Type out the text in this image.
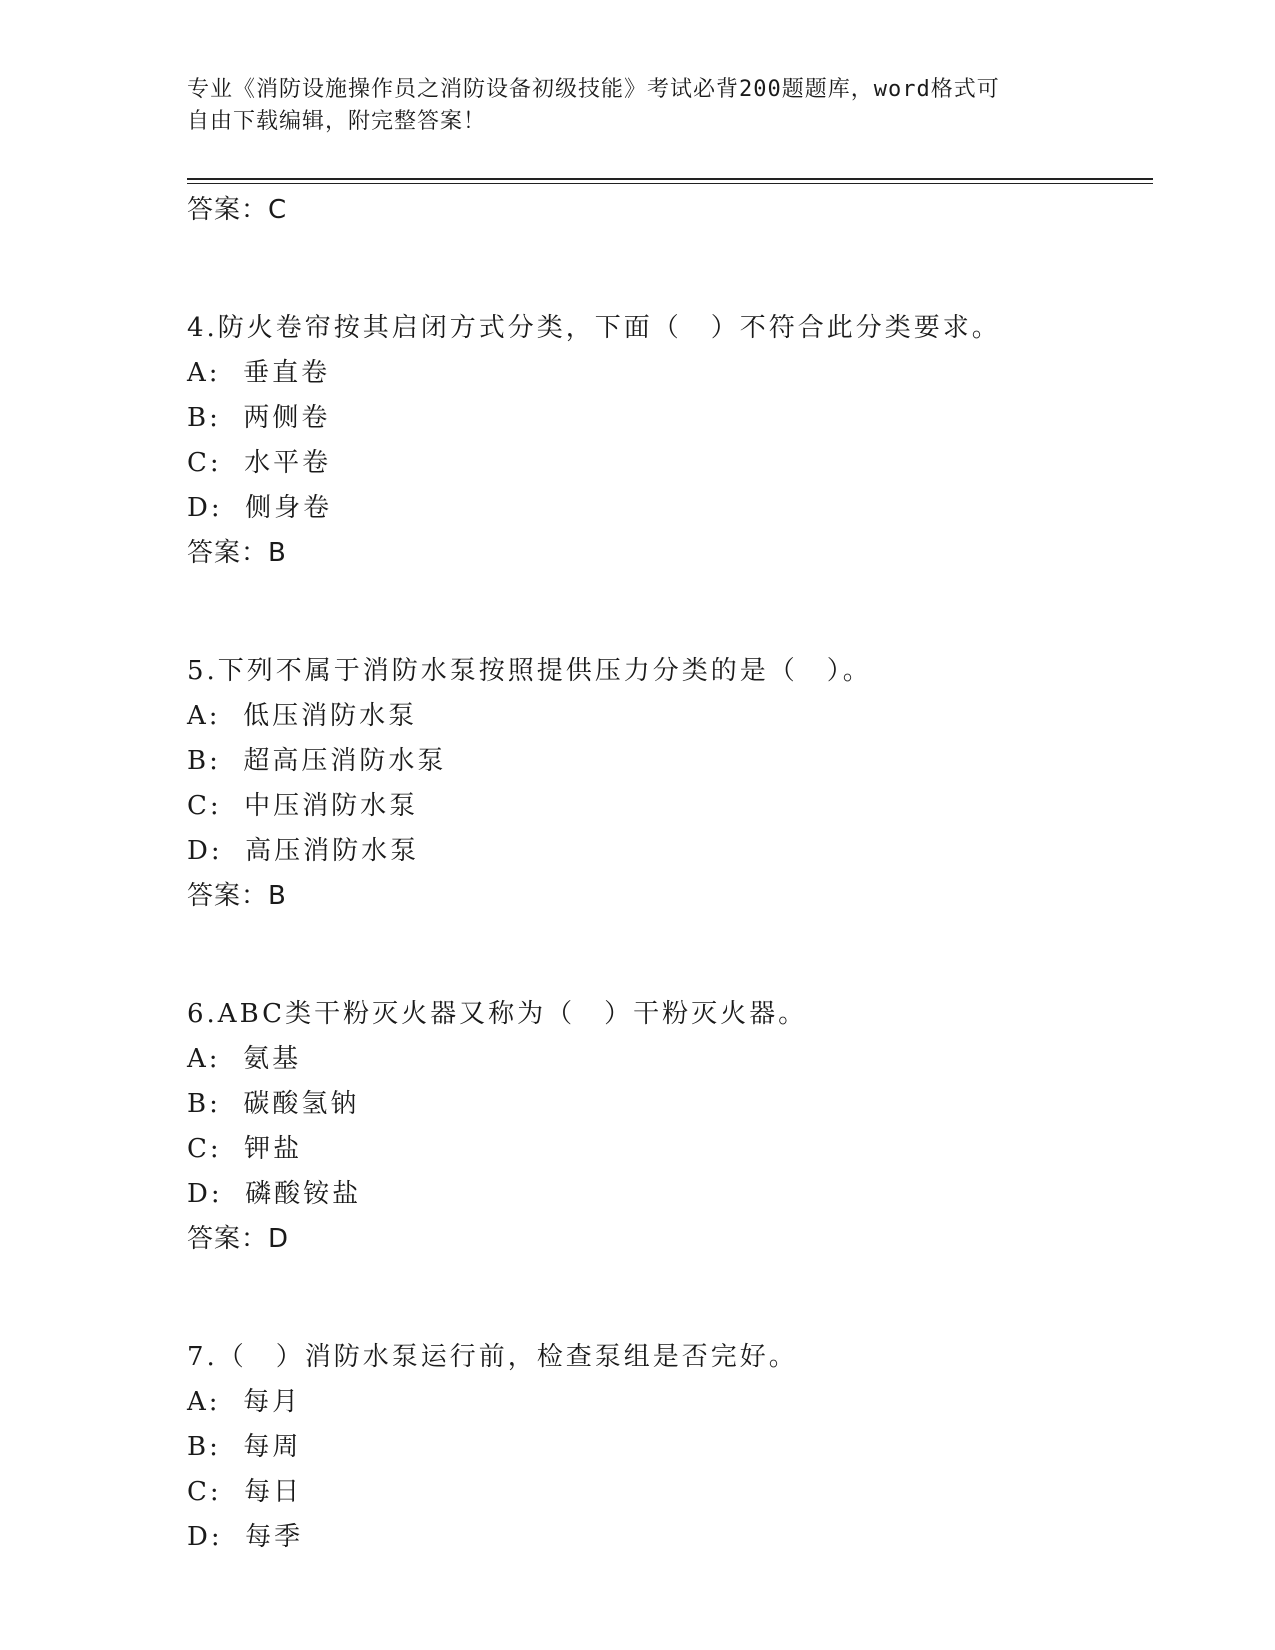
专业《消防设施操作员之消防设备初级技能》考试必背200题题库，word格式可
自由下载编辑，附完整答案！
答案：C
4.防火卷帘按其启闭方式分类，下面（　）不符合此分类要求。
A:  垂直卷
B:  两侧卷
C:  水平卷
D:  侧身卷
答案：B
5.下列不属于消防水泵按照提供压力分类的是（　）。
A:  低压消防水泵
B:  超高压消防水泵
C:  中压消防水泵
D:  高压消防水泵
答案：B
6.ABC类干粉灭火器又称为（　）干粉灭火器。
A:  氨基
B:  碳酸氢钠
C:  钾盐
D:  磷酸铵盐
答案：D
7.（　）消防水泵运行前，检查泵组是否完好。
A:  每月
B:  每周
C:  每日
D:  每季
